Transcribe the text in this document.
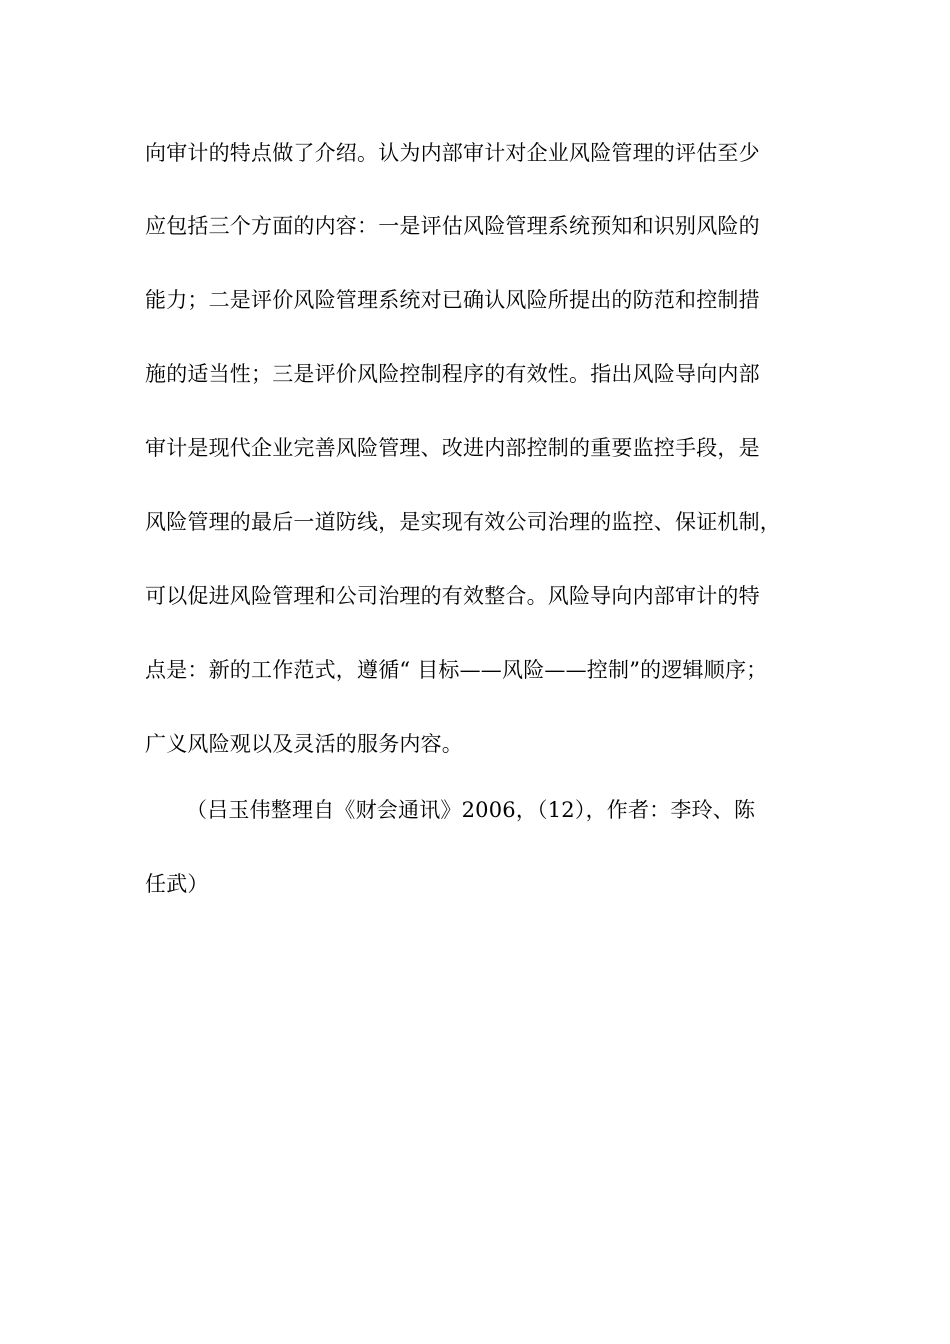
向审计的特点做了介绍。认为内部审计对企业风险管理的评估至少
应包括三个方面的内容：一是评估风险管理系统预知和识别风险的
能力；二是评价风险管理系统对已确认风险所提出的防范和控制措
施的适当性；三是评价风险控制程序的有效性。指出风险导向内部
审计是现代企业完善风险管理、改进内部控制的重要监控手段，是
风险管理的最后一道防线，是实现有效公司治理的监控、保证机制，
可以促进风险管理和公司治理的有效整合。风险导向内部审计的特
点是：新的工作范式，遵循“ 目标——风险——控制”的逻辑顺序；
广义风险观以及灵活的服务内容。
（吕玉伟整理自《财会通讯》2006，（12），作者：李玲、陈
任武）
